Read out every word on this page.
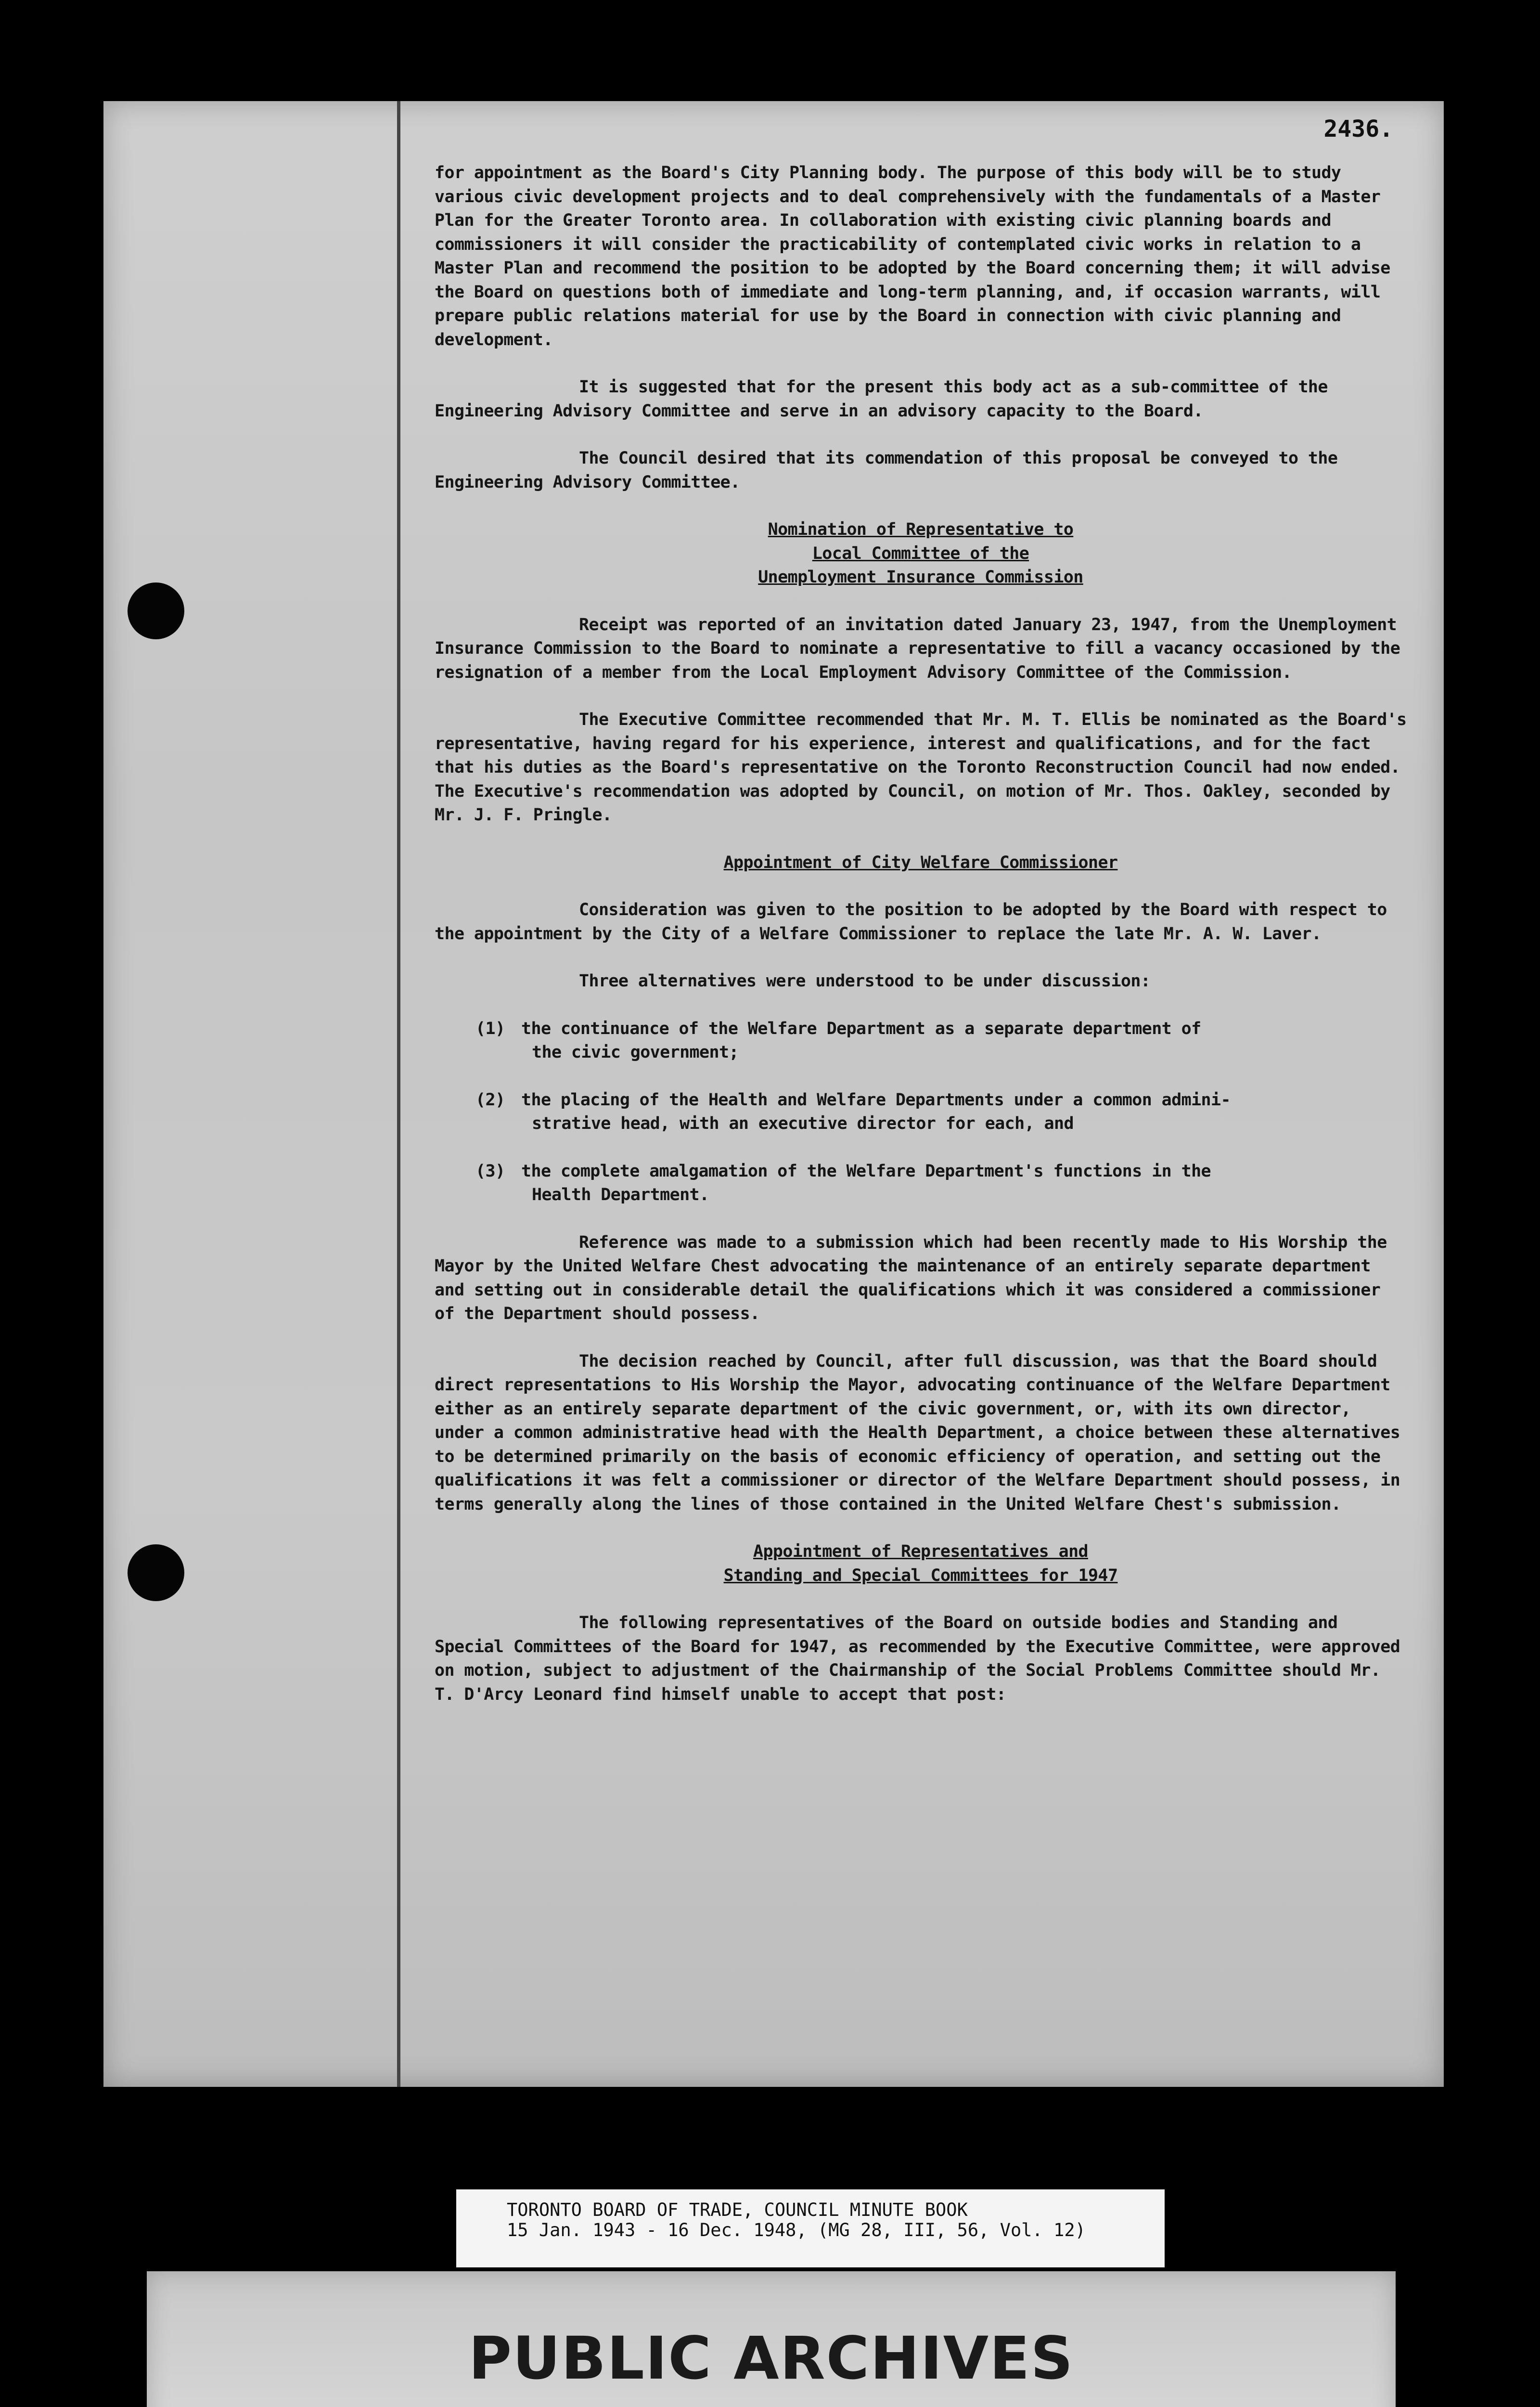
2436.

for appointment as the Board's City Planning body. The purpose of this body will be to study various civic development projects and to deal comprehensively with the fundamentals of a Master Plan for the Greater Toronto area. In collaboration with existing civic planning boards and commissioners it will consider the practicability of contemplated civic works in relation to a Master Plan and recommend the position to be adopted by the Board concerning them; it will advise the Board on questions both of immediate and long-term planning, and, if occasion warrants, will prepare public relations material for use by the Board in connection with civic planning and development.

It is suggested that for the present this body act as a sub-committee of the Engineering Advisory Committee and serve in an advisory capacity to the Board.

The Council desired that its commendation of this proposal be conveyed to the Engineering Advisory Committee.

Nomination of Representative to
Local Committee of the
Unemployment Insurance Commission

Receipt was reported of an invitation dated January 23, 1947, from the Unemployment Insurance Commission to the Board to nominate a representative to fill a vacancy occasioned by the resignation of a member from the Local Employment Advisory Committee of the Commission.

The Executive Committee recommended that Mr. M. T. Ellis be nominated as the Board's representative, having regard for his experience, interest and qualifications, and for the fact that his duties as the Board's representative on the Toronto Reconstruction Council had now ended. The Executive's recommendation was adopted by Council, on motion of Mr. Thos. Oakley, seconded by Mr. J. F. Pringle.

Appointment of City Welfare Commissioner

Consideration was given to the position to be adopted by the Board with respect to the appointment by the City of a Welfare Commissioner to replace the late Mr. A. W. Laver.

Three alternatives were understood to be under discussion:

(1) the continuance of the Welfare Department as a separate department of
the civic government;
(2) the placing of the Health and Welfare Departments under a common admini-
strative head, with an executive director for each, and
(3) the complete amalgamation of the Welfare Department's functions in the
Health Department.

Reference was made to a submission which had been recently made to His Worship the Mayor by the United Welfare Chest advocating the maintenance of an entirely separate department and setting out in considerable detail the qualifications which it was considered a commissioner of the Department should possess.

The decision reached by Council, after full discussion, was that the Board should direct representations to His Worship the Mayor, advocating continuance of the Welfare Department either as an entirely separate department of the civic government, or, with its own director, under a common administrative head with the Health Department, a choice between these alternatives to be determined primarily on the basis of economic efficiency of operation, and setting out the qualifications it was felt a commissioner or director of the Welfare Department should possess, in terms generally along the lines of those contained in the United Welfare Chest's submission.

Appointment of Representatives and
Standing and Special Committees for 1947

The following representatives of the Board on outside bodies and Standing and Special Committees of the Board for 1947, as recommended by the Executive Committee, were approved on motion, subject to adjustment of the Chairmanship of the Social Problems Committee should Mr. T. D'Arcy Leonard find himself unable to accept that post:

TORONTO BOARD OF TRADE, COUNCIL MINUTE BOOK
15 Jan. 1943 - 16 Dec. 1948, (MG 28, III, 56, Vol. 12)
PUBLIC ARCHIVES
